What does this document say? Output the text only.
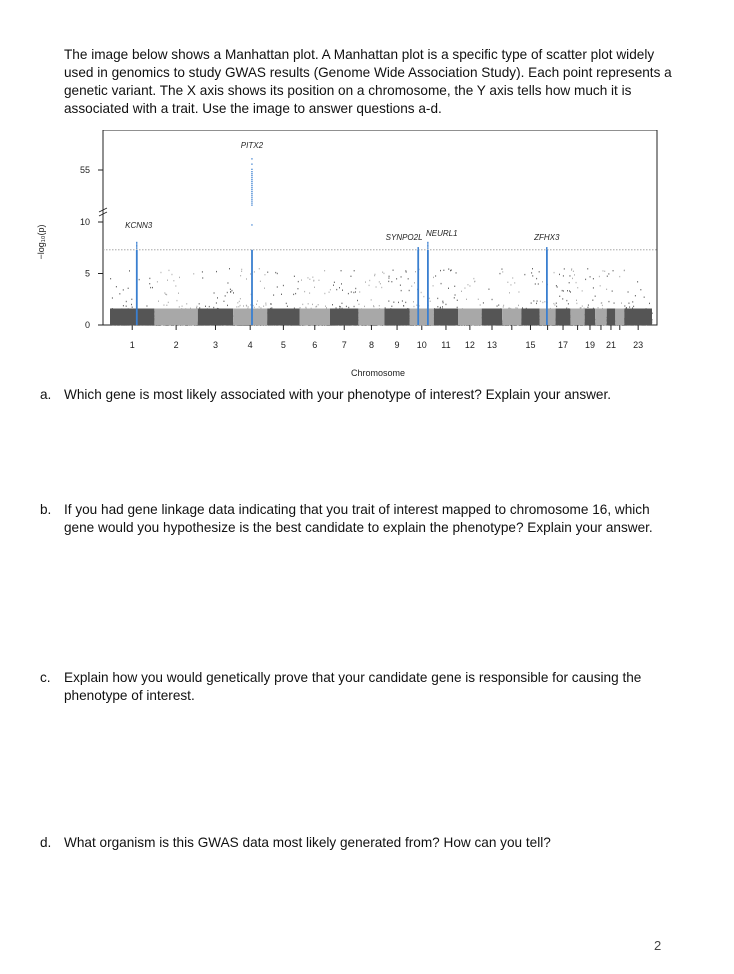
The image below shows a Manhattan plot. A Manhattan plot is a specific type of scatter plot widely used in genomics to study GWAS results (Genome Wide Association Study). Each point represents a genetic variant. The X axis shows its position on a chromosome, the Y axis tells how much it is associated with a trait. Use the image to answer questions a-d.

0
5
10
55
−log₁₀(p)
Chromosome
1	2	3	4	5	6	7 8 9 10 11 12 13	15	17 19 21 23
KCNN3
PITX2
SYNPO2L NEURL1	ZFHX3
a. Which gene is most likely associated with your phenotype of interest? Explain your answer.
b. If you had gene linkage data indicating that you trait of interest mapped to chromosome 16, which gene would you hypothesize is the best candidate to explain the phenotype? Explain your answer.
c. Explain how you would genetically prove that your candidate gene is responsible for causing the phenotype of interest.
d. What organism is this GWAS data most likely generated from? How can you tell?
2
